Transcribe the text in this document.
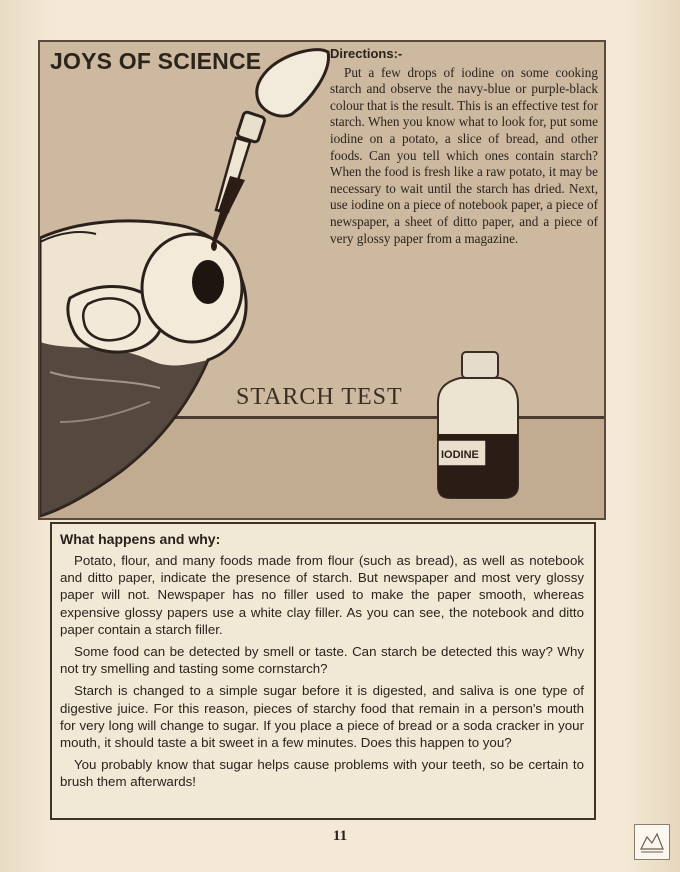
IODINE
JOYS OF SCIENCE	Directions:-

Put a few drops of iodine on some cooking starch and observe the navy-blue or purple-black colour that is the result. This is an effective test for starch. When you know what to look for, put some iodine on a potato, a slice of bread, and other foods. Can you tell which ones contain starch? When the food is fresh like a raw potato, it may be necessary to wait until the starch has dried. Next, use iodine on a piece of notebook paper, a piece of newspaper, a sheet of ditto paper, and a piece of very glossy paper from a magazine.

STARCH TEST
What happens and why:

Potato, flour, and many foods made from flour (such as bread), as well as notebook and ditto paper, indicate the presence of starch. But newspaper and most very glossy paper will not. Newspaper has no filler used to make the paper smooth, whereas expensive glossy papers use a white clay filler. As you can see, the notebook and ditto paper contain a starch filler.

Some food can be detected by smell or taste. Can starch be detected this way? Why not try smelling and tasting some cornstarch?

Starch is changed to a simple sugar before it is digested, and saliva is one type of digestive juice. For this reason, pieces of starchy food that remain in a person's mouth for very long will change to sugar. If you place a piece of bread or a soda cracker in your mouth, it should taste a bit sweet in a few minutes. Does this happen to you?

You probably know that sugar helps cause problems with your teeth, so be certain to brush them afterwards!

11
